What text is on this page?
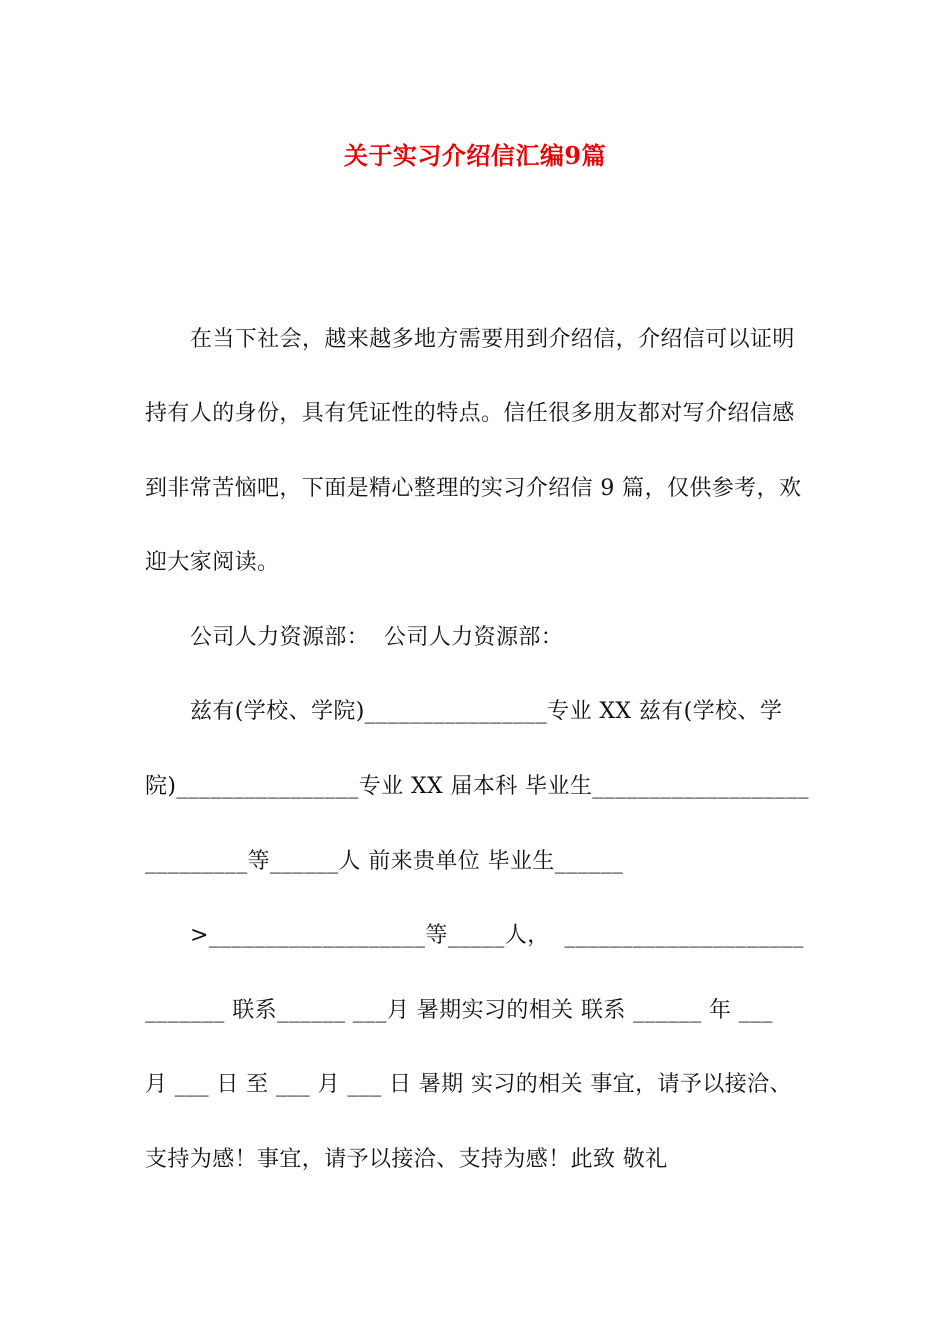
关于实习介绍信汇编9篇
在当下社会，越来越多地方需要用到介绍信，介绍信可以证明
持有人的身份，具有凭证性的特点。信任很多朋友都对写介绍信感
到非常苦恼吧，下面是精心整理的实习介绍信 9 篇，仅供参考，欢
迎大家阅读。
公司人力资源部：  公司人力资源部：
兹有(学校、学院)________________专业 XX 兹有(学校、学
院)________________专业 XX 届本科 毕业生___________________
_________等______人 前来贵单位 毕业生______
>___________________等_____人，  _____________________
_______ 联系______ ___月 暑期实习的相关 联系 ______ 年 ___
月 ___ 日 至 ___ 月 ___ 日 暑期 实习的相关 事宜，请予以接洽、
支持为感！事宜，请予以接洽、支持为感！此致 敬礼
